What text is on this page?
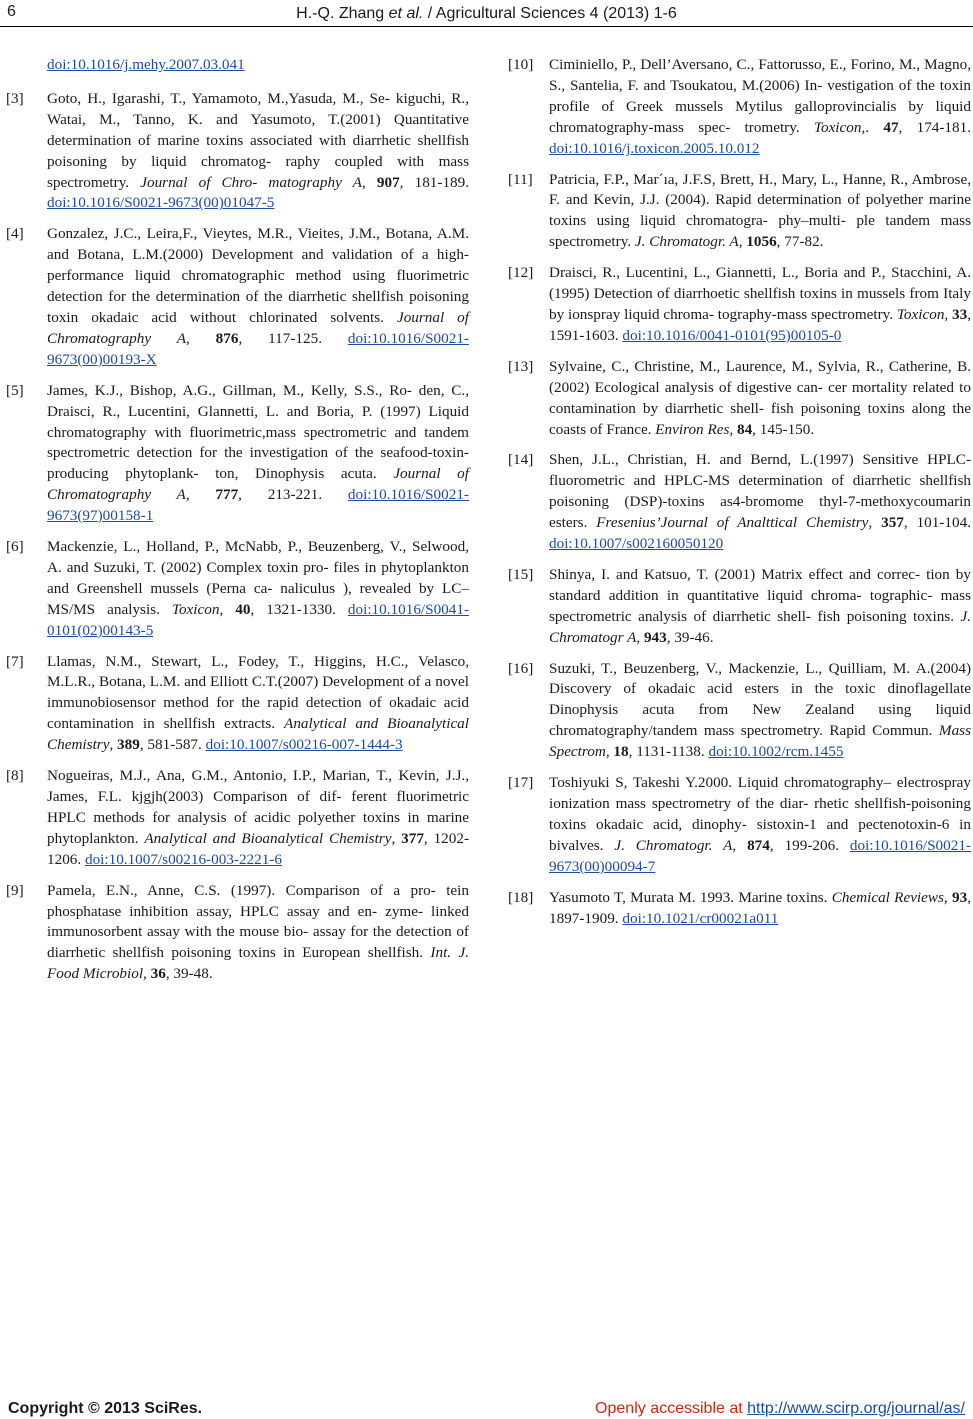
6	H.-Q. Zhang et al. / Agricultural Sciences 4 (2013) 1-6
doi:10.1016/j.mehy.2007.03.041
[3] Goto, H., Igarashi, T., Yamamoto, M.,Yasuda, M., Se- kiguchi, R., Watai, M., Tanno, K. and Yasumoto, T.(2001) Quantitative determination of marine toxins associated with diarrhetic shellfish poisoning by liquid chromatog- raphy coupled with mass spectrometry. Journal of Chro- matography A, 907, 181-189. doi:10.1016/S0021-9673(00)01047-5
[4] Gonzalez, J.C., Leira,F., Vieytes, M.R., Vieites, J.M., Botana, A.M. and Botana, L.M.(2000) Development and validation of a high- performance liquid chromatographic method using fluorimetric detection for the determination of the diarrhetic shellfish poisoning toxin okadaic acid without chlorinated solvents. Journal of Chromatography A, 876, 117-125. doi:10.1016/S0021-9673(00)00193-X
[5] James, K.J., Bishop, A.G., Gillman, M., Kelly, S.S., Ro- den, C., Draisci, R., Lucentini, Glannetti, L. and Boria, P. (1997) Liquid chromatography with fluorimetric,mass spectrometric and tandem spectrometric detection for the investigation of the seafood-toxin-producing phytoplank- ton, Dinophysis acuta. Journal of Chromatography A, 777, 213-221. doi:10.1016/S0021-9673(97)00158-1
[6] Mackenzie, L., Holland, P., McNabb, P., Beuzenberg, V., Selwood, A. and Suzuki, T. (2002) Complex toxin pro- files in phytoplankton and Greenshell mussels (Perna ca- naliculus ), revealed by LC–MS/MS analysis. Toxicon, 40, 1321-1330. doi:10.1016/S0041-0101(02)00143-5
[7] Llamas, N.M., Stewart, L., Fodey, T., Higgins, H.C., Velasco, M.L.R., Botana, L.M. and Elliott C.T.(2007) Development of a novel immunobiosensor method for the rapid detection of okadaic acid contamination in shellfish extracts. Analytical and Bioanalytical Chemistry, 389, 581-587. doi:10.1007/s00216-007-1444-3
[8] Nogueiras, M.J., Ana, G.M., Antonio, I.P., Marian, T., Kevin, J.J., James, F.L. kjgjh(2003) Comparison of dif- ferent fluorimetric HPLC methods for analysis of acidic polyether toxins in marine phytoplankton. Analytical and Bioanalytical Chemistry, 377, 1202-1206. doi:10.1007/s00216-003-2221-6
[9] Pamela, E.N., Anne, C.S. (1997). Comparison of a pro- tein phosphatase inhibition assay, HPLC assay and en- zyme- linked immunosorbent assay with the mouse bio- assay for the detection of diarrhetic shellfish poisoning toxins in European shellfish. Int. J. Food Microbiol, 36, 39-48.
[10] Ciminiello, P., Dell’Aversano, C., Fattorusso, E., Forino, M., Magno, S., Santelia, F. and Tsoukatou, M.(2006) In- vestigation of the toxin profile of Greek mussels Mytilus galloprovincialis by liquid chromatography-mass spec- trometry. Toxicon,. 47, 174-181. doi:10.1016/j.toxicon.2005.10.012
[11] Patricia, F.P., Mar´ıa, J.F.S, Brett, H., Mary, L., Hanne, R., Ambrose, F. and Kevin, J.J. (2004). Rapid determination of polyether marine toxins using liquid chromatogra- phy–multi- ple tandem mass spectrometry. J. Chromatogr. A, 1056, 77-82.
[12] Draisci, R., Lucentini, L., Giannetti, L., Boria and P., Stacchini, A. (1995) Detection of diarrhoetic shellfish toxins in mussels from Italy by ionspray liquid chroma- tography-mass spectrometry. Toxicon, 33, 1591-1603. doi:10.1016/0041-0101(95)00105-0
[13] Sylvaine, C., Christine, M., Laurence, M., Sylvia, R., Catherine, B.(2002) Ecological analysis of digestive can- cer mortality related to contamination by diarrhetic shell- fish poisoning toxins along the coasts of France. Environ Res, 84, 145-150.
[14] Shen, J.L., Christian, H. and Bernd, L.(1997) Sensitive HPLC- fluorometric and HPLC-MS determination of diarrhetic shellfish poisoning (DSP)-toxins as4-bromome thyl-7-methoxycoumarin esters. Fresenius’Journal of Analttical Chemistry, 357, 101-104. doi:10.1007/s002160050120
[15] Shinya, I. and Katsuo, T. (2001) Matrix effect and correc- tion by standard addition in quantitative liquid chroma- tographic- mass spectrometric analysis of diarrhetic shell- fish poisoning toxins. J. Chromatogr A, 943, 39-46.
[16] Suzuki, T., Beuzenberg, V., Mackenzie, L., Quilliam, M. A.(2004) Discovery of okadaic acid esters in the toxic dinoflagellate Dinophysis acuta from New Zealand using liquid chromatography/tandem mass spectrometry. Rapid Commun. Mass Spectrom, 18, 1131-1138. doi:10.1002/rcm.1455
[17] Toshiyuki S, Takeshi Y.2000. Liquid chromatography– electrospray ionization mass spectrometry of the diar- rhetic shellfish-poisoning toxins okadaic acid, dinophy- sistoxin-1 and pectenotoxin-6 in bivalves. J. Chromatogr. A, 874, 199-206. doi:10.1016/S0021-9673(00)00094-7
[18] Yasumoto T, Murata M. 1993. Marine toxins. Chemical Reviews, 93, 1897-1909. doi:10.1021/cr00021a011
Copyright © 2013 SciRes.	Openly accessible at http://www.scirp.org/journal/as/
